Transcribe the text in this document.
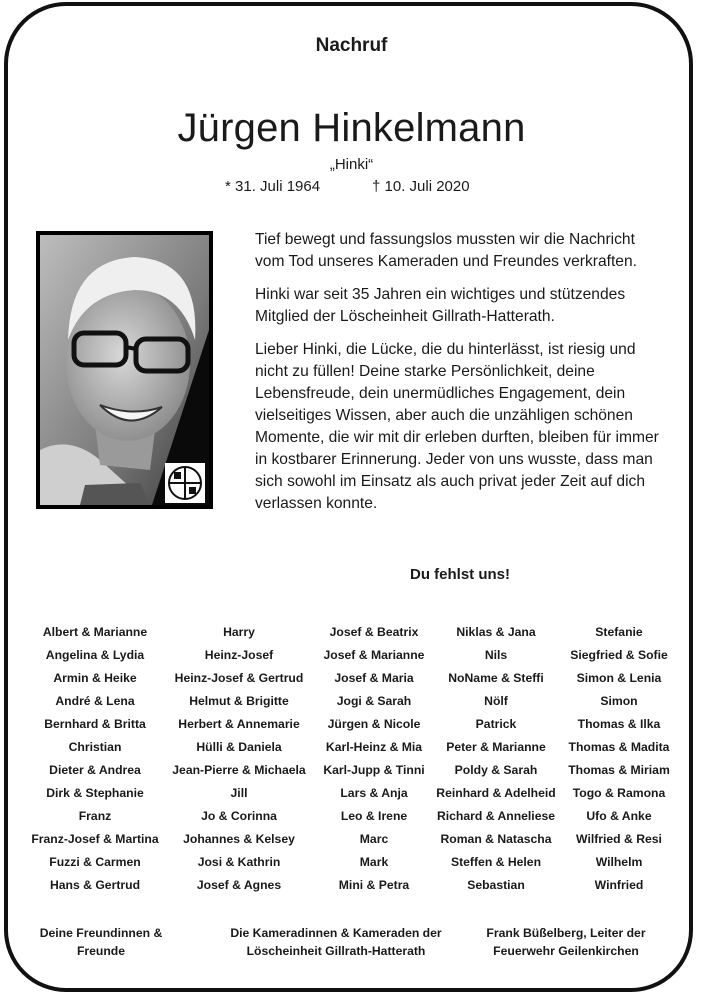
Nachruf
Jürgen Hinkelmann
„Hinki“
* 31. Juli 1964	† 10. Juli 2020

Tief bewegt und fassungslos mussten wir die Nachricht vom Tod unseres Kameraden und Freundes verkraften.

Hinki war seit 35 Jahren ein wichtiges und stützendes Mitglied der Löscheinheit Gillrath-Hatterath.

Lieber Hinki, die Lücke, die du hinterlässt, ist riesig und nicht zu füllen! Deine starke Persönlichkeit, deine Lebensfreude, dein unermüdliches Engagement, dein vielseitiges Wissen, aber auch die unzähligen schönen Momente, die wir mit dir erleben durften, bleiben für immer in kostbarer Erinnerung. Jeder von uns wusste, dass man sich sowohl im Einsatz als auch privat jeder Zeit auf dich verlassen konnte.

Du fehlst uns!
Albert & Marianne
Angelina & Lydia
Armin & Heike
André & Lena
Bernhard & Britta
Christian
Dieter & Andrea
Dirk & Stephanie
Franz
Franz-Josef & Martina
Fuzzi & Carmen
Hans & Gertrud
Harry
Heinz-Josef
Heinz-Josef & Gertrud
Helmut & Brigitte
Herbert & Annemarie
Hülli & Daniela
Jean-Pierre & Michaela
Jill
Jo & Corinna
Johannes & Kelsey
Josi & Kathrin
Josef & Agnes
Josef & Beatrix
Josef & Marianne
Josef & Maria
Jogi & Sarah
Jürgen & Nicole
Karl-Heinz & Mia
Karl-Jupp & Tinni
Lars & Anja
Leo & Irene
Marc
Mark
Mini & Petra
Niklas & Jana
Nils
NoName & Steffi
Nölf
Patrick
Peter & Marianne
Poldy & Sarah
Reinhard & Adelheid
Richard & Anneliese
Roman & Natascha
Steffen & Helen
Sebastian
Stefanie
Siegfried & Sofie
Simon & Lenia
Simon
Thomas & Ilka
Thomas & Madita
Thomas & Miriam
Togo & Ramona
Ufo & Anke
Wilfried & Resi
Wilhelm
Winfried
Deine Freundinnen &
Freunde
Die Kameradinnen & Kameraden der
Löscheinheit Gillrath-Hatterath
Frank Büßelberg, Leiter der
Feuerwehr Geilenkirchen
